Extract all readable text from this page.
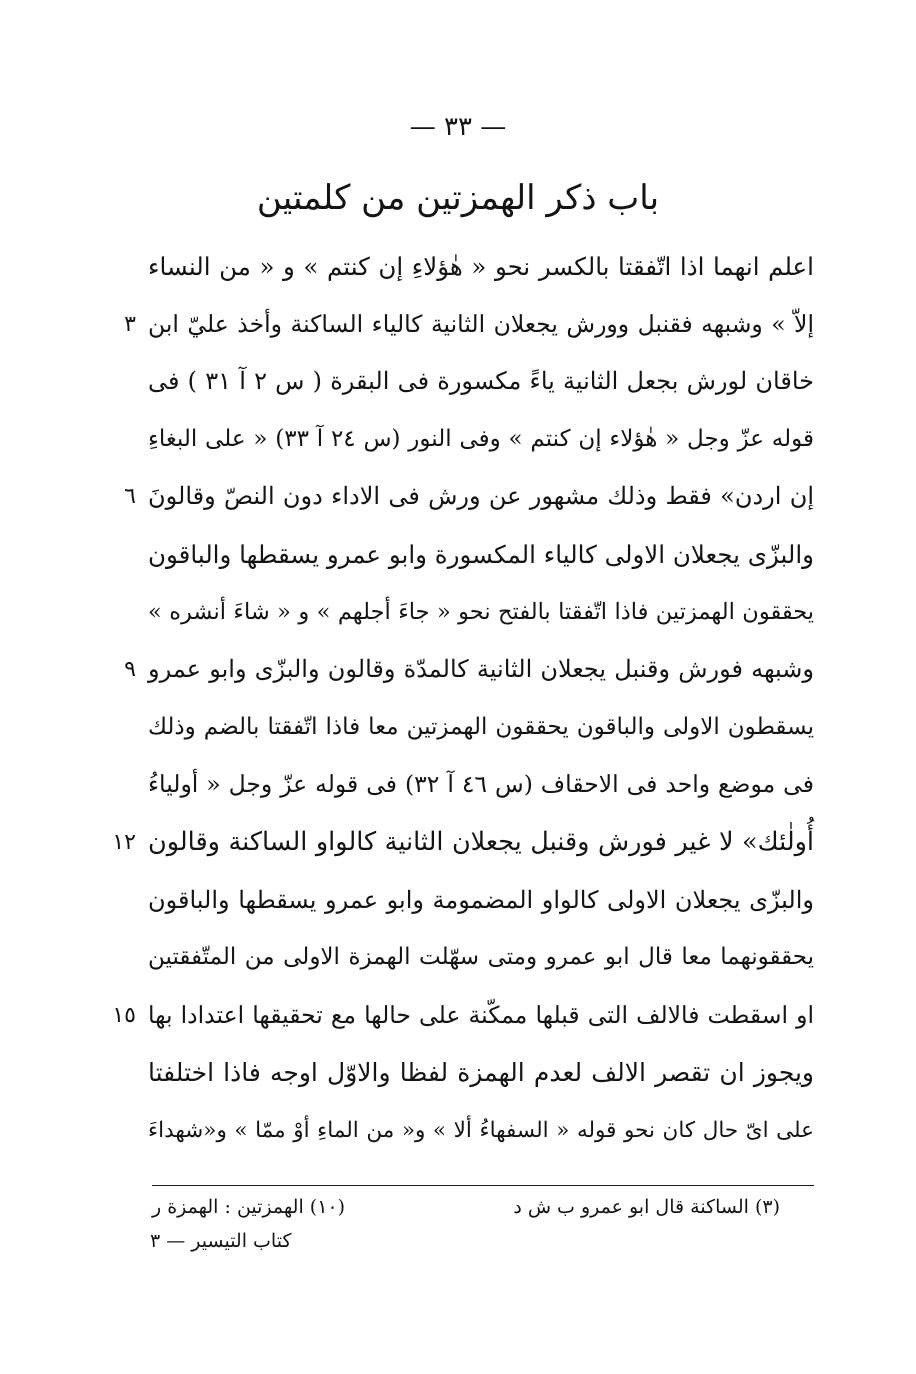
— ٣٣ —
باب ذكر الهمزتين من كلمتين
اعلم انهما اذا اتّفقتا بالكسر نحو « هٰؤلاءِ إن كنتم » و « من النساء
إلاّ » وشبهه فقنبل وورش يجعلان الثانية كالياء الساكنة وأخذ عليّ ابن
٣
خاقان لورش بجعل الثانية ياءً مكسورة فى البقرة ( س ٢ آ ٣١ ) فى
قوله عزّ وجل « هٰؤلاء إن كنتم » وفى النور (س ٢٤ آ ٣٣) « على البغاءِ
إن اردن» فقط وذلك مشهور عن ورش فى الاداء دون النصّ وقالونَ
٦
والبزّى يجعلان الاولى كالياء المكسورة وابو عمرو يسقطها والباقون
يحققون الهمزتين فاذا اتّفقتا بالفتح نحو « جاءَ أجلهم » و « شاءَ أنشره »
وشبهه فورش وقنبل يجعلان الثانية كالمدّة وقالون والبزّى وابو عمرو
٩
يسقطون الاولى والباقون يحققون الهمزتين معا فاذا اتّفقتا بالضم وذلك
فى موضع واحد فى الاحقاف (س ٤٦ آ ٣٢) فى قوله عزّ وجل « أولياءُ
أُولٰئك» لا غير فورش وقنبل يجعلان الثانية كالواو الساكنة وقالون
١٢
والبزّى يجعلان الاولى كالواو المضمومة وابو عمرو يسقطها والباقون
يحققونهما معا قال ابو عمرو ومتى سهّلت الهمزة الاولى من المتّفقتين
او اسقطت فالالف التى قبلها ممكّنة على حالها مع تحقيقها اعتدادا بها
١٥
ويجوز ان تقصر الالف لعدم الهمزة لفظا والاوّل اوجه فاذا اختلفتا
على اىّ حال كان نحو قوله « السفهاءُ ألا » و« من الماءِ أوْ ممّا » و«شهداءَ
(٣) الساكنة قال ابو عمرو ب ش د
(١٠) الهمزتين : الهمزة ر
كتاب التيسير — ٣
